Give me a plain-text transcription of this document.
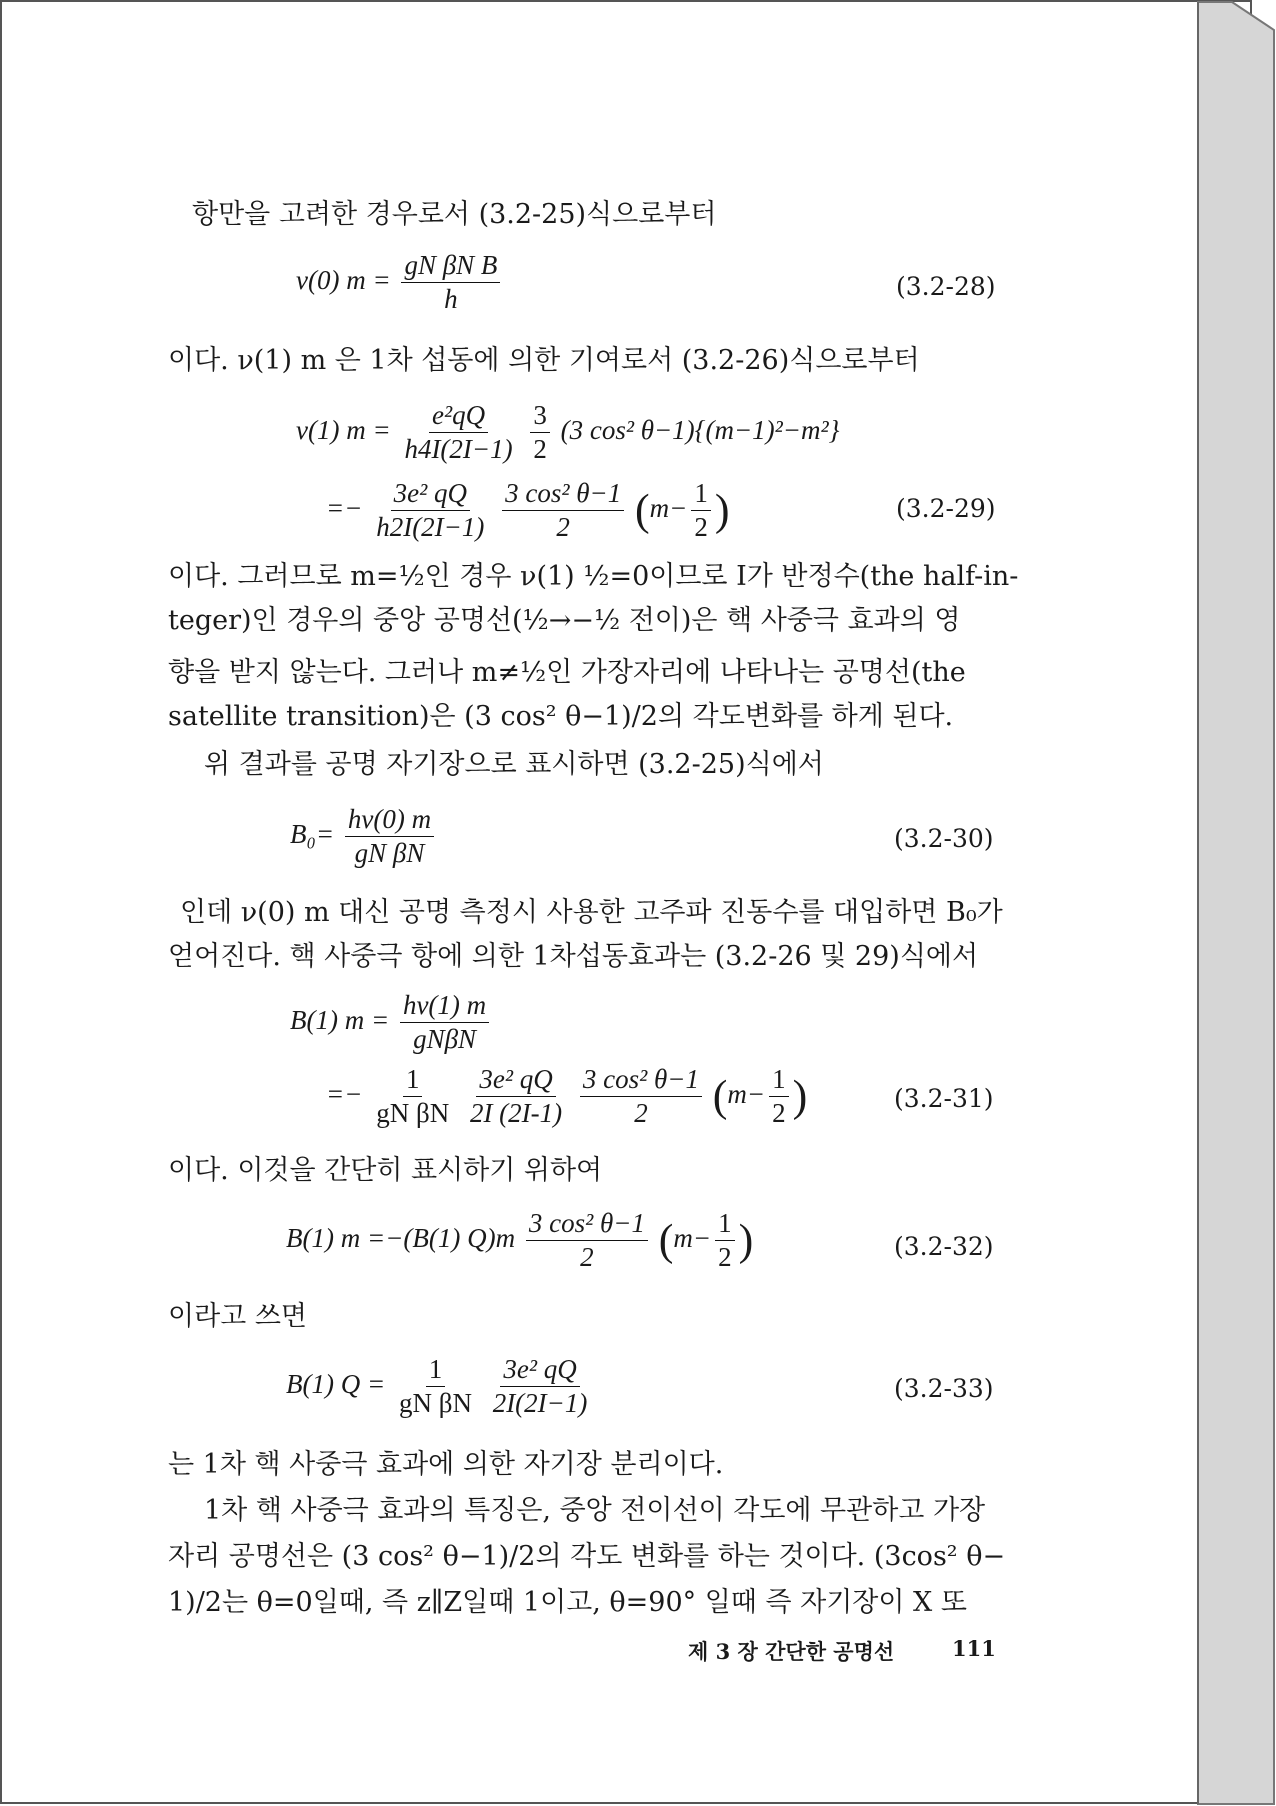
항만을 고려한 경우로서 (3.2-25)식으로부터
ν(0) $m = \frac{\text{gN βN B}}{h}$	(3.2-28)
이다. ν(1) m 은 1차 섭동에 의한 기여로서 (3.2-26)식으로부터
ν(1) $m = \frac{\text{e²qQ}}{h4I(2I-1)}$
$\frac{3}{2} (3$ cos² θ−1){(m−1)²−m²}
=− $\frac{\text{3e² qQ}}{h2I(2I-1)}$
$\frac{\text{3 cos² θ−1}}{2} (m- \frac{1}{2}$ )	(3.2-29)
이다. 그러므로 m=½인 경우 ν(1) ½=0이므로 I가 반정수(the half-in-
teger)인 경우의 중앙 공명선(½→−½ 전이)은 핵 사중극 효과의 영
향을 받지 않는다. 그러나 m≠½인 가장자리에 나타나는 공명선(the
satellite transition)은 (3 cos² θ−1)/2의 각도변화를 하게 된다.
위 결과를 공명 자기장으로 표시하면 (3.2-25)식에서
$B_0= \frac{h\nu(0) m}{\text{gN βN}}$	(3.2-30)
인데 ν(0) m 대신 공명 측정시 사용한 고주파 진동수를 대입하면 B₀가
얻어진다. 핵 사중극 항에 의한 1차섭동효과는 (3.2-26 및 29)식에서
B(1) $m = \frac{h\nu(1) m}{\text{gNβN}}$
=− $\frac{1}{\text{gN βN}}$
$\frac{\text{3e² qQ}}{2I (2I-1)}$
$\frac{\text{3 cos² θ−1}}{2} (m- \frac{1}{2}$ )	(3.2-31)
이다. 이것을 간단히 표시하기 위하여
B(1) m =−(B(1) $Q)m \frac{\text{3 cos² θ−1}}{2} (m- \frac{1}{2}$ )	(3.2-32)
이라고 쓰면
B(1) $Q = \frac{1}{\text{gN βN}}$
$\frac{\text{3e² qQ}}{2I(2I-1)}$	(3.2-33)
는 1차 핵 사중극 효과에 의한 자기장 분리이다.
1차 핵 사중극 효과의 특징은, 중앙 전이선이 각도에 무관하고 가장
자리 공명선은 (3 cos² θ−1)/2의 각도 변화를 하는 것이다. (3cos² θ−
1)/2는 θ=0일때, 즉 z∥Z일때 1이고, θ=90° 일때 즉 자기장이 X 또
제 3 장 간단한 공명선	111
